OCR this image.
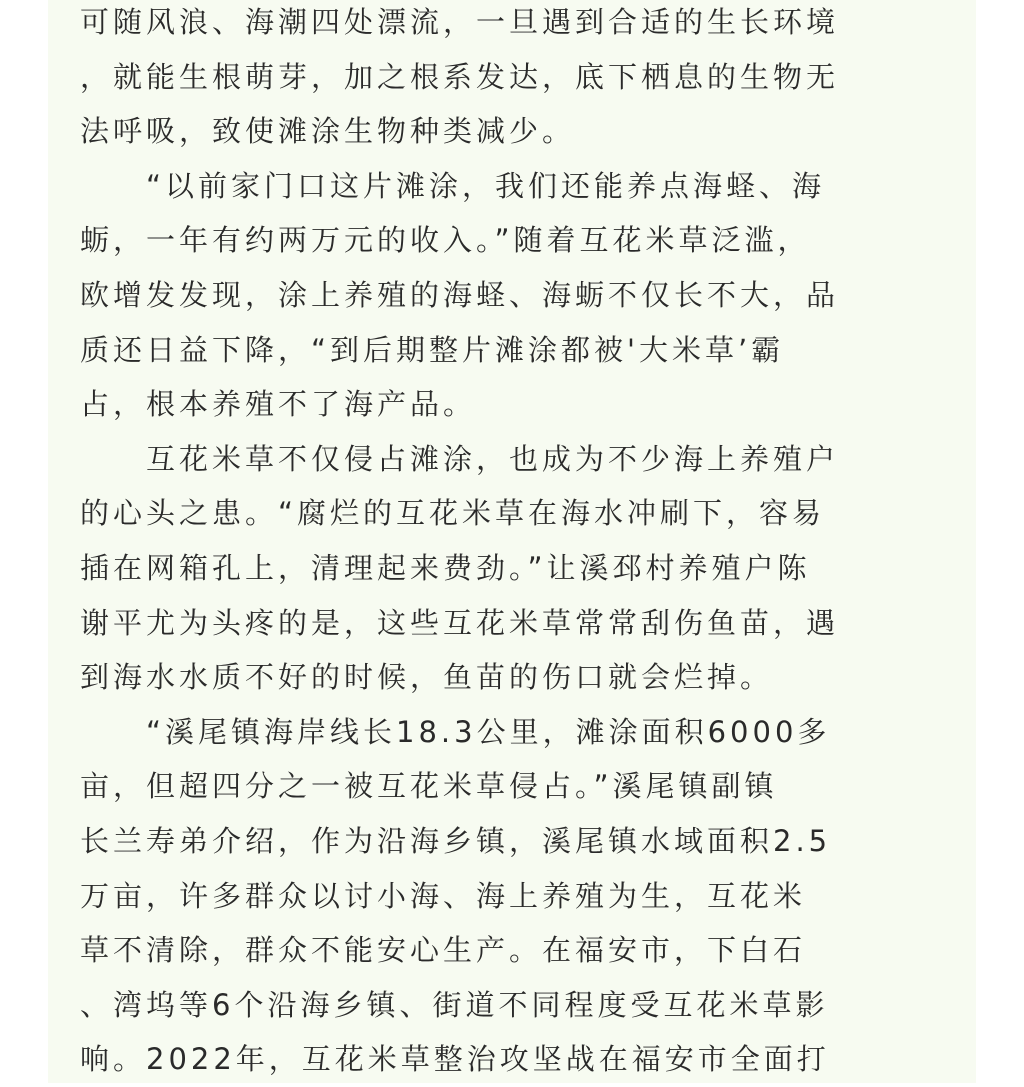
可随风浪、海潮四处漂流，一旦遇到合适的生长环境
，就能生根萌芽，加之根系发达，底下栖息的生物无
法呼吸，致使滩涂生物种类减少。
　　“以前家门口这片滩涂，我们还能养点海蛏、海
蛎，一年有约两万元的收入。”随着互花米草泛滥，
欧增发发现，涂上养殖的海蛏、海蛎不仅长不大，品
质还日益下降，“到后期整片滩涂都被'大米草’霸
占，根本养殖不了海产品。
　　互花米草不仅侵占滩涂，也成为不少海上养殖户
的心头之患。“腐烂的互花米草在海水冲刷下，容易
插在网箱孔上，清理起来费劲。”让溪邳村养殖户陈
谢平尤为头疼的是，这些互花米草常常刮伤鱼苗，遇
到海水水质不好的时候，鱼苗的伤口就会烂掉。
　　“溪尾镇海岸线长18.3公里，滩涂面积6000多
亩，但超四分之一被互花米草侵占。”溪尾镇副镇
长兰寿弟介绍，作为沿海乡镇，溪尾镇水域面积2.5
万亩，许多群众以讨小海、海上养殖为生，互花米
草不清除，群众不能安心生产。在福安市，下白石
、湾坞等6个沿海乡镇、街道不同程度受互花米草影
响。2022年，互花米草整治攻坚战在福安市全面打
